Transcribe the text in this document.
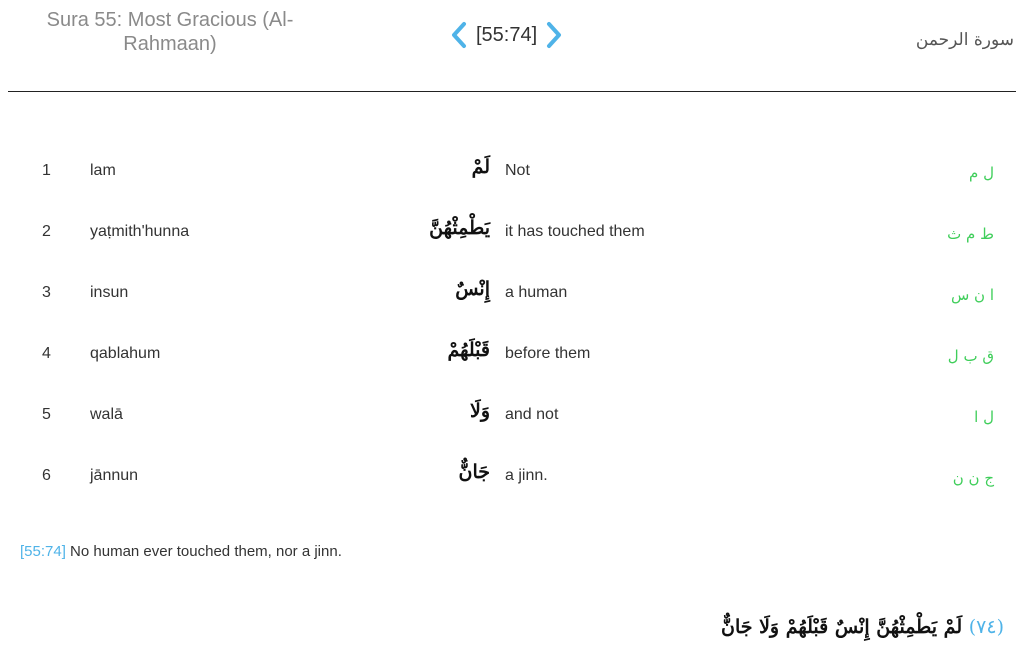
Sura 55: Most Gracious (Al-Rahmaan)	[55:74]	سورة الرحمن
1	lam	لَمْ Not	ل م
2	yaṭmith'hunna	يَطْمِثْهُنَّ it has touched them	ط م ث
3	insun	إِنْسٌ a human	ا ن س
4	qablahum	قَبْلَهُمْ before them	ق ب ل
5	walā	وَلَا and not	ل ا
6	jānnun	جَانٌّ a jinn.	ج ن ن
[55:74] No human ever touched them, nor a jinn.
(٧٤) لَمْ يَطْمِثْهُنَّ إِنْسٌ قَبْلَهُمْ وَلَا جَانٌّ
